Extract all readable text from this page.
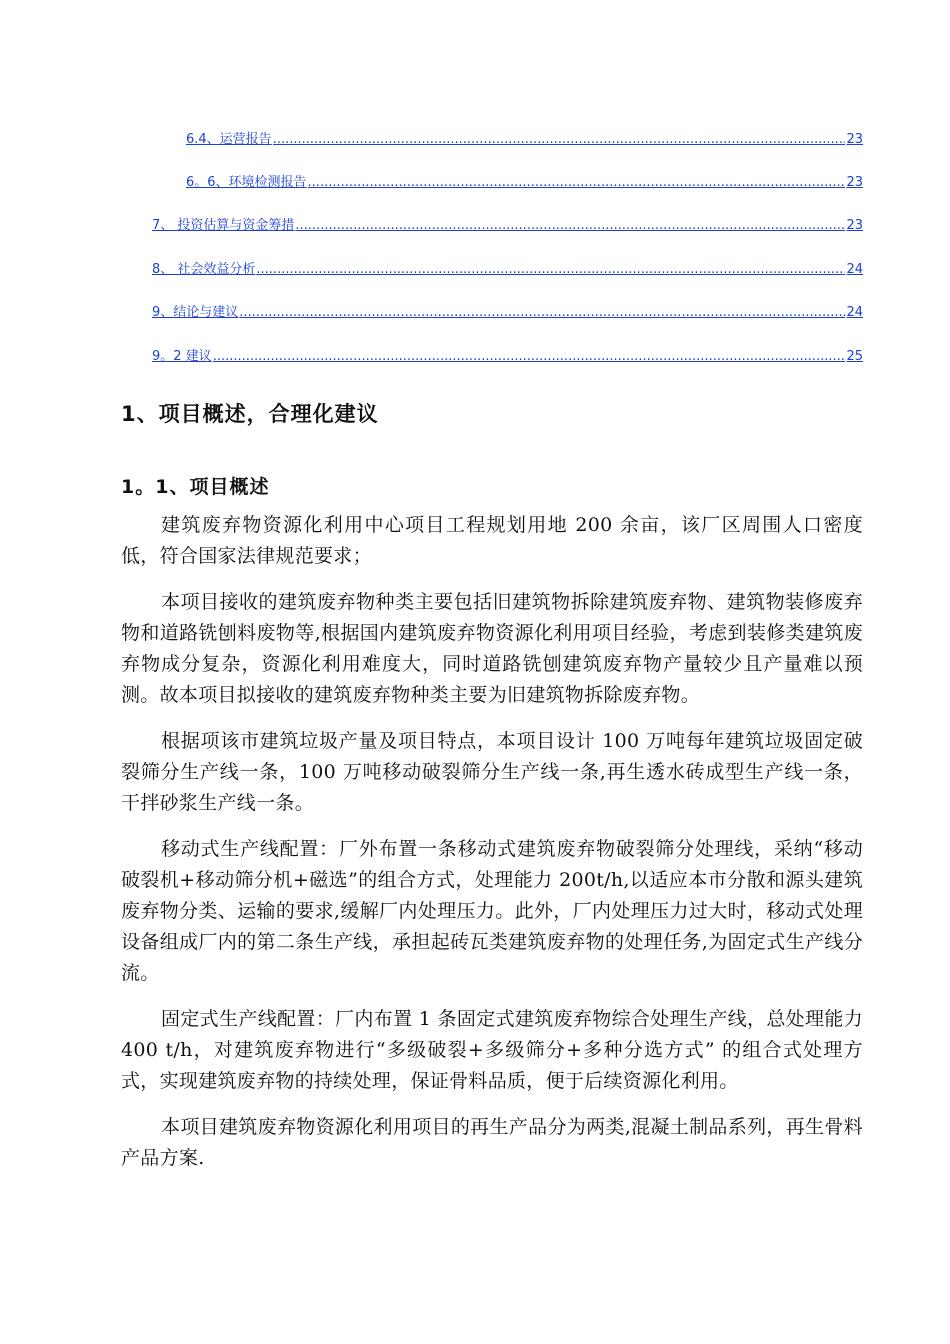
6.4、运营报告 .....	23
6。6、环境检测报告 .....	23
7、 投资估算与资金筹措 .....	23
8、 社会效益分析 .....	24
9、结论与建议 .....	24
9。2 建议 .....	25
1、项目概述，合理化建议
1。1、项目概述

建筑废弃物资源化利用中心项目工程规划用地 200 余亩，该厂区周围人口密度低，符合国家法律规范要求；

本项目接收的建筑废弃物种类主要包括旧建筑物拆除建筑废弃物、建筑物装修废弃物和道路铣刨料废物等,根据国内建筑废弃物资源化利用项目经验，考虑到装修类建筑废弃物成分复杂，资源化利用难度大，同时道路铣刨建筑废弃物产量较少且产量难以预测。故本项目拟接收的建筑废弃物种类主要为旧建筑物拆除废弃物。

根据项该市建筑垃圾产量及项目特点，本项目设计 100 万吨每年建筑垃圾固定破裂筛分生产线一条，100 万吨移动破裂筛分生产线一条,再生透水砖成型生产线一条，干拌砂浆生产线一条。

移动式生产线配置：厂外布置一条移动式建筑废弃物破裂筛分处理线，采纳“移动破裂机+移动筛分机+磁选”的组合方式，处理能力 200t/h,以适应本市分散和源头建筑废弃物分类、运输的要求,缓解厂内处理压力。此外，厂内处理压力过大时，移动式处理设备组成厂内的第二条生产线，承担起砖瓦类建筑废弃物的处理任务,为固定式生产线分流。

固定式生产线配置：厂内布置 1 条固定式建筑废弃物综合处理生产线，总处理能力 400 t/h，对建筑废弃物进行“多级破裂+多级筛分+多种分选方式” 的组合式处理方式，实现建筑废弃物的持续处理，保证骨料品质，便于后续资源化利用。

本项目建筑废弃物资源化利用项目的再生产品分为两类,混凝土制品系列，再生骨料产品方案.
